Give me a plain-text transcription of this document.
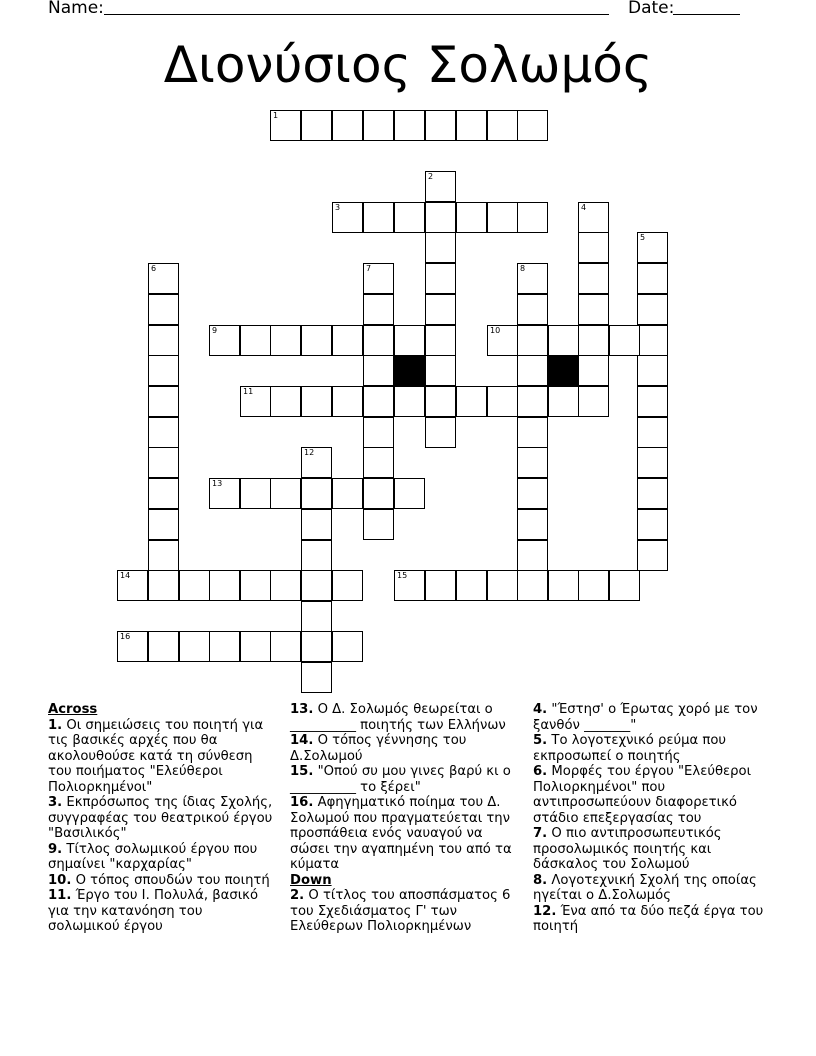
Name:	Date:
Διονύσιος Σολωμός
1
2
3	4
5
6	7	8
9	10
11
12
13
14	15
16

Across

1. Οι σημειώσεις του ποιητή για τις βασικές αρχές που θα ακολουθούσε κατά τη σύνθεση του ποιήματος "Ελεύθεροι Πολιορκημένοι"

3. Εκπρόσωπος της ίδιας Σχολής, συγγραφέας του θεατρικού έργου "Βασιλικός"

9. Τίτλος σολωμικού έργου που σημαίνει "καρχαρίας"

10. Ο τόπος σπουδών του ποιητή

11. Έργο του Ι. Πολυλά, βασικό για την κατανόηση του σολωμικού έργου

13. Ο Δ. Σολωμός θεωρείται ο __________ ποιητής των Ελλήνων

14. Ο τόπος γέννησης του Δ.Σολωμού

15. "Οπού συ μου γινες βαρύ κι ο __________ το ξέρει"

16. Αφηγηματικό ποίημα του Δ. Σολωμού που πραγματεύεται την προσπάθεια ενός ναυαγού να σώσει την αγαπημένη του από τα κύματα

Down

2. Ο τίτλος του αποσπάσματος 6 του Σχεδιάσματος Γ' των Ελεύθερων Πολιορκημένων

4. "Έστησ' ο Έρωτας χορό με τον ξανθόν _______"

5. Το λογοτεχνικό ρεύμα που εκπροσωπεί ο ποιητής

6. Μορφές του έργου "Ελεύθεροι Πολιορκημένοι" που αντιπροσωπεύουν διαφορετικό στάδιο επεξεργασίας του

7. Ο πιο αντιπροσωπευτικός προσολωμικός ποιητής και δάσκαλος του Σολωμού

8. Λογοτεχνική Σχολή της οποίας ηγείται ο Δ.Σολωμός

12. Ένα από τα δύο πεζά έργα του ποιητή
